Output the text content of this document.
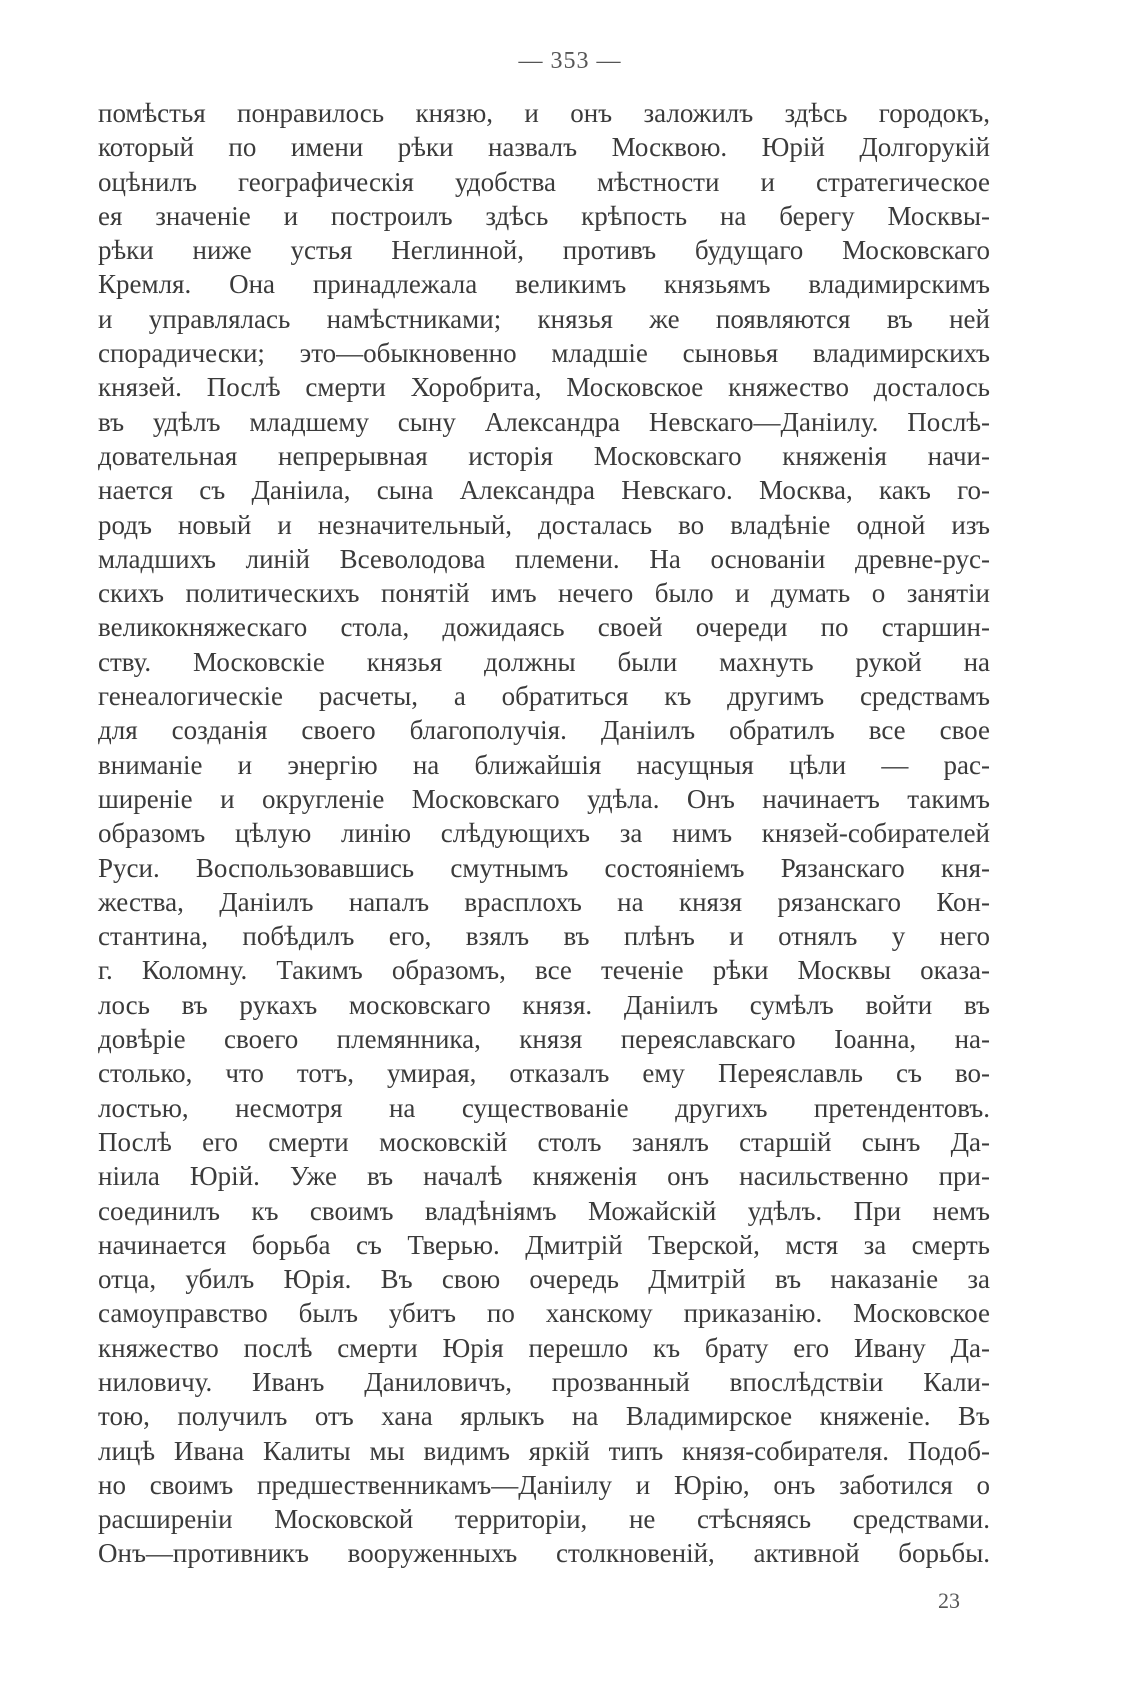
— 353 —
помѣстья понравилось князю, и онъ заложилъ здѣсь городокъ,
который по имени рѣки назвалъ Москвою. Юрій Долгорукій
оцѣнилъ географическія удобства мѣстности и стратегическое
ея значеніе и построилъ здѣсь крѣпость на берегу Москвы-
рѣки ниже устья Неглинной, противъ будущаго Московскаго
Кремля. Она принадлежала великимъ князьямъ владимирскимъ
и управлялась намѣстниками; князья же появляются въ ней
спорадически; это—обыкновенно младшіе сыновья владимирскихъ
князей. Послѣ смерти Хоробрита, Московское княжество досталось
въ удѣлъ младшему сыну Александра Невскаго—Даніилу. Послѣ-
довательная непрерывная исторія Московскаго княженія начи-
нается съ Даніила, сына Александра Невскаго. Москва, какъ го-
родъ новый и незначительный, досталась во владѣніе одной изъ
младшихъ линій Всеволодова племени. На основаніи древне-рус-
скихъ политическихъ понятій имъ нечего было и думать о занятіи
великокняжескаго стола, дожидаясь своей очереди по старшин-
ству. Московскіе князья должны были махнуть рукой на
генеалогическіе расчеты, а обратиться къ другимъ средствамъ
для созданія своего благополучія. Даніилъ обратилъ все свое
вниманіе и энергію на ближайшія насущныя цѣли — рас-
ширеніе и округленіе Московскаго удѣла. Онъ начинаетъ такимъ
образомъ цѣлую линію слѣдующихъ за нимъ князей-собирателей
Руси. Воспользовавшись смутнымъ состояніемъ Рязанскаго кня-
жества, Даніилъ напалъ врасплохъ на князя рязанскаго Кон-
стантина, побѣдилъ его, взялъ въ плѣнъ и отнялъ у него
г. Коломну. Такимъ образомъ, все теченіе рѣки Москвы оказа-
лось въ рукахъ московскаго князя. Даніилъ сумѣлъ войти въ
довѣріе своего племянника, князя переяславскаго Іоанна, на-
столько, что тотъ, умирая, отказалъ ему Переяславль съ во-
лостью, несмотря на существованіе другихъ претендентовъ.
Послѣ его смерти московскій столъ занялъ старшій сынъ Да-
ніила Юрій. Уже въ началѣ княженія онъ насильственно при-
соединилъ къ своимъ владѣніямъ Можайскій удѣлъ. При немъ
начинается борьба съ Тверью. Дмитрій Тверской, мстя за смерть
отца, убилъ Юрія. Въ свою очередь Дмитрій въ наказаніе за
самоуправство былъ убитъ по ханскому приказанію. Московское
княжество послѣ смерти Юрія перешло къ брату его Ивану Да-
ниловичу. Иванъ Даниловичъ, прозванный впослѣдствіи Кали-
тою, получилъ отъ хана ярлыкъ на Владимирское княженіе. Въ
лицѣ Ивана Калиты мы видимъ яркій типъ князя-собирателя. Подоб-
но своимъ предшественникамъ—Даніилу и Юрію, онъ заботился о
расширеніи Московской территоріи, не стѣсняясь средствами.
Онъ—противникъ вооруженныхъ столкновеній, активной борьбы.
23
